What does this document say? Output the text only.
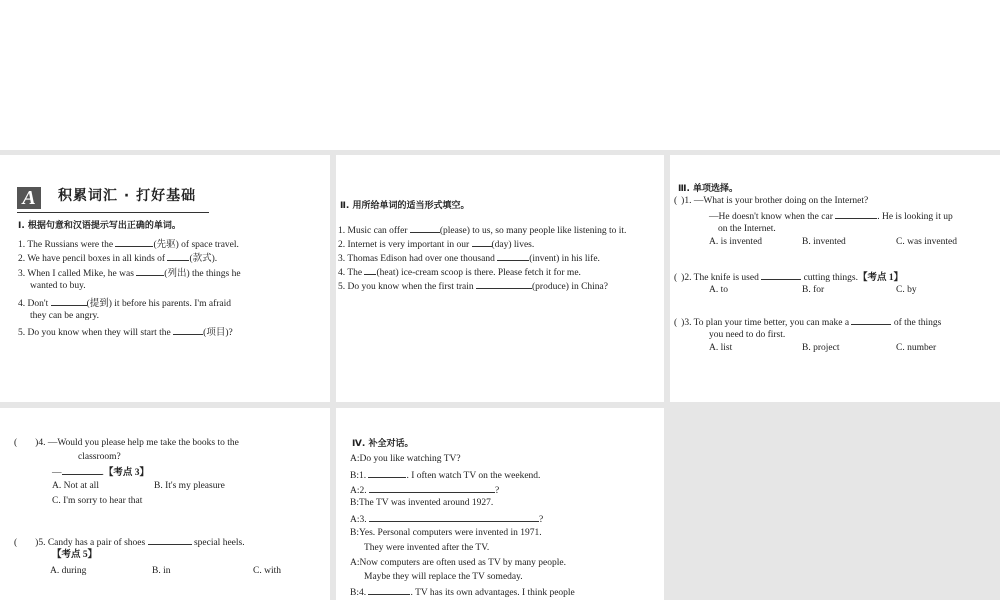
A	积累词汇 · 打好基础
Ⅰ. 根据句意和汉语提示写出正确的单词。
1. The Russians were the	(先驱) of space travel.
2. We have pencil boxes in all kinds of (款式).
3. When I called Mike, he was	(列出) the things he
wanted to buy.
4. Don't	(提到) it before his parents. I'm afraid
they can be angry.
5. Do you know when they will start the	(项目)?
Ⅱ. 用所给单词的适当形式填空。
1. Music can offer	(please) to us, so many people like listening to it.
2. Internet is very important in our (day) lives.
3. Thomas Edison had over one thousand	(invent) in his life.
4. The (heat) ice-cream scoop is there. Please fetch it for me.
5. Do you know when the first train	(produce) in China?
Ⅲ. 单项选择。
( )1. —What is your brother doing on the Internet?
—He doesn't know when the car	. He is looking it up
on the Internet.
A. is invented	B. invented	C. was invented
( )2. The knife is used	cutting things.【考点 1】
A. to	B. for	C. by
( )3. To plan your time better, you can make a	of the things
you need to do first.
A. list	B. project	C. number
( )4. —Would you please help me take the books to the
classroom?
—	.【考点 3】
A. Not at all	B. It's my pleasure
C. I'm sorry to hear that
( )5. Candy has a pair of shoes	special heels.
【考点 5】
A. during	B. in	C. with
Ⅳ. 补全对话。
A:Do you like watching TV?
B:1.	. I often watch TV on the weekend.
A:2.	?
B:The TV was invented around 1927.
A:3.	?
B:Yes. Personal computers were invented in 1971.
They were invented after the TV.
A:Now computers are often used as TV by many people.
Maybe they will replace the TV someday.
B:4.	. TV has its own advantages. I think people
